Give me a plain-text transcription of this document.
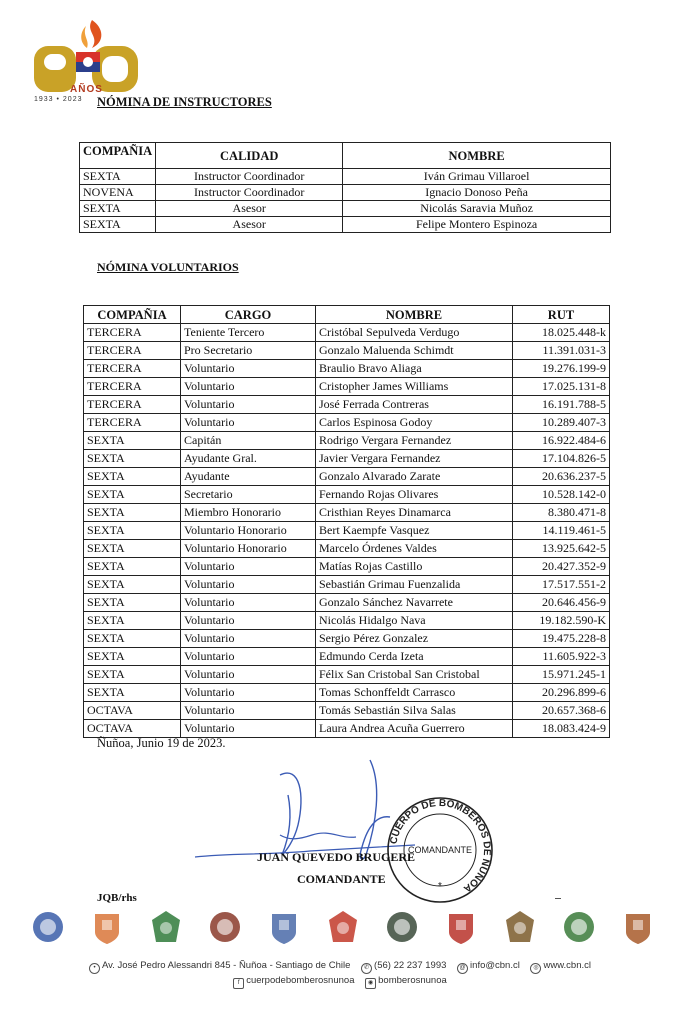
AÑOS
1933 • 2023 NÓMINA DE INSTRUCTORES
COMPAÑIA	CALIDAD	NOMBRE
SEXTA	Instructor Coordinador	Iván Grimau Villaroel
NOVENA	Instructor Coordinador	Ignacio Donoso Peña
SEXTA	Asesor	Nicolás Saravia Muñoz
SEXTA	Asesor	Felipe Montero Espinoza
NÓMINA VOLUNTARIOS
COMPAÑIA	CARGO	NOMBRE	RUT
TERCERA	Teniente Tercero	Cristóbal Sepulveda Verdugo	18.025.448-k
TERCERA	Pro Secretario	Gonzalo Maluenda Schimdt	11.391.031-3
TERCERA	Voluntario	Braulio Bravo Aliaga	19.276.199-9
TERCERA	Voluntario	Cristopher James Williams	17.025.131-8
TERCERA	Voluntario	José Ferrada Contreras	16.191.788-5
TERCERA	Voluntario	Carlos Espinosa Godoy	10.289.407-3
SEXTA	Capitán	Rodrigo Vergara Fernandez	16.922.484-6
SEXTA	Ayudante Gral.	Javier Vergara Fernandez	17.104.826-5
SEXTA	Ayudante	Gonzalo Alvarado Zarate	20.636.237-5
SEXTA	Secretario	Fernando Rojas Olivares	10.528.142-0
SEXTA	Miembro Honorario	Cristhian Reyes Dinamarca	8.380.471-8
SEXTA	Voluntario Honorario	Bert Kaempfe Vasquez	14.119.461-5
SEXTA	Voluntario Honorario	Marcelo Órdenes Valdes	13.925.642-5
SEXTA	Voluntario	Matías Rojas Castillo	20.427.352-9
SEXTA	Voluntario	Sebastián Grimau Fuenzalida	17.517.551-2
SEXTA	Voluntario	Gonzalo Sánchez Navarrete	20.646.456-9
SEXTA	Voluntario	Nicolás Hidalgo Nava	19.182.590-K
SEXTA	Voluntario	Sergio Pérez Gonzalez	19.475.228-8
SEXTA	Voluntario	Edmundo Cerda Izeta	11.605.922-3
SEXTA	Voluntario	Félix San Cristobal San Cristobal	15.971.245-1
SEXTA	Voluntario	Tomas Schonffeldt Carrasco	20.296.899-6
OCTAVA	Voluntario	Tomás Sebastián Silva Salas	20.657.368-6
OCTAVA	Voluntario	Laura Andrea Acuña Guerrero	18.083.424-9
Ñuñoa, Junio 19 de 2023.
CUERPO DE BOMBEROS DE ÑUÑOA
COMANDANTE
*
JUAN QUEVEDO BRUGERE
COMANDANTE
JQB/rhs
• Av. José Pedro Alessandri 845 - Ñuñoa - Santiago de Chile ✆ (56) 22 237 1993 @ info@cbn.cl ◎ www.cbn.cl
f cuerpodebomberosnunoa ◉ bomberosnunoa
